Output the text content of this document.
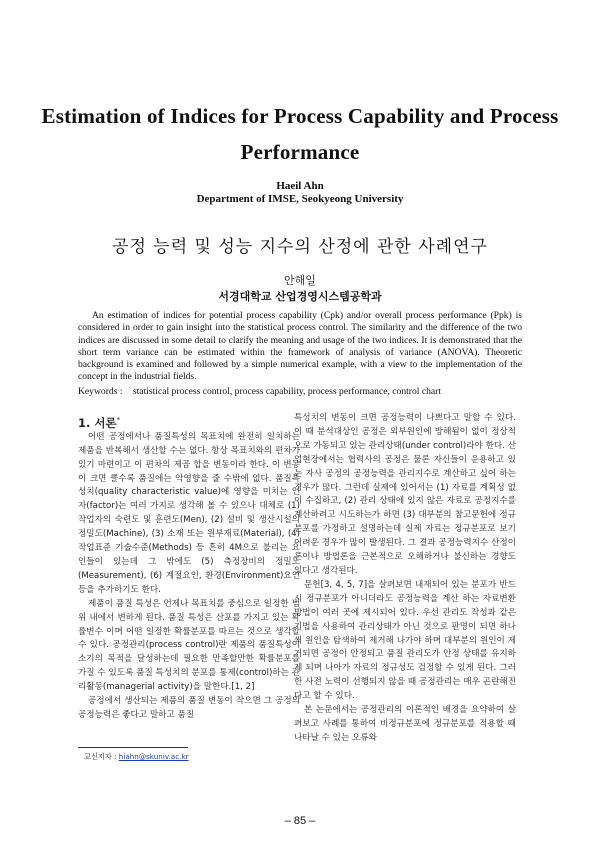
Estimation of Indices for Process Capability and Process
Performance
Haeil Ahn
Department of IMSE, Seokyeong University
공정 능력 및 성능 지수의 산정에 관한 사례연구
안해일
서경대학교 산업경영시스템공학과
An estimation of indices for potential process capability (Cpk) and/or overall process performance (Ppk) is considered in order to gain insight into the statistical process control. The similarity and the difference of the two indices are discussed in some detail to clarify the meaning and usage of the two indices. It is demonstrated that the short term variance can be estimated within the framework of analysis of variance (ANOVA). Theoretic background is examined and followed by a simple numerical example, with a view to the implementation of the concept in the industrial fields.
Keywords : statistical process control, process capability, process performance, control chart
1. 서론*

어떤 공정에서나 품질특성의 목표치에 완전히 일치하는 제품을 반복해서 생산할 수는 없다. 항상 목표치와의 편차가 있기 마련이고 이 편차의 제곱 합을 변동이라 한다. 이 변동이 크면 클수록 품질에는 악영향을 줄 수밖에 없다. 품질특성치(quality characteristic value)에 영향을 미치는 인자(factor)는 여러 가지로 생각해 볼 수 있으나 대체로 (1) 작업자의 숙련도 및 훈련도(Men), (2) 설비 및 생산시설의 정밀도(Machine), (3) 소재 또는 원부재료(Material), (4) 작업표준 기술수준(Methods) 등 흔히 4M으로 불리는 요인들이 있는데 그 밖에도 (5) 측정장비의 정밀도(Measurement), (6) 계절요인, 환경(Environment)요인 등을 추가하기도 한다.

제품이 품질 특성은 언제나 목표치를 중심으로 일정한 범위 내에서 변하게 된다. 품질 특성은 산포를 가지고 있는 확률변수 이며 어떤 일정한 확률분포를 따르는 것으로 생각할 수 있다. 공정관리(process control)란 제품의 품질특성이 소기의 목적을 달성하는데 필요한 만족할만한 확률분포를 가질 수 있도록 품질 특성치의 분포를 통제(control)하는 관리활동(managerial activity)을 말한다.[1, 2]

공정에서 생산되는 제품의 품질 변동이 작으면 그 공정의 공정능력은 좋다고 말하고 품질

특성치의 변동이 크면 공정능력이 나쁘다고 말할 수 있다. 이 때 분석대상인 공정은 외부원인에 방해됨이 없이 정상적으로 가동되고 있는 관리상태(under control)라야 한다. 산업현장에서는 협력사의 공정은 물론 자신들이 운용하고 있는 자사 공정의 공정능력을 관리지수로 계산하고 싶어 하는 경우가 많다. 그런데 실제에 있어서는 (1) 자료를 계획성 없이 수집하고, (2) 관리 상태에 있지 않은 자료로 공정지수를 계산하려고 시도하는가 하면 (3) 대부분의 참고문헌에 정규분포를 가정하고 설명하는데 실제 자료는 정규분포로 보기 어려운 경우가 많이 발생된다. 그 결과 공정능력지수 산정이론이나 방법론을 근본적으로 오해하거나 불신하는 경향도 있다고 생각된다.

문헌[3, 4, 5, 7]을 살펴보면 내재되어 있는 분포가 반드시 정규분포가 아니더라도 공정능력을 계산 하는 자료변환 방법이 여러 곳에 제시되어 있다. 우선 관리도 작성과 같은 기법을 사용하여 관리상태가 아닌 것으로 판명이 되면 하나씩 원인을 탐색하여 제거해 나가야 하며 대부분의 원인이 제거되면 공정이 안정되고 품질 관리도가 안정 상태를 유지하게 되며 나아가 자료의 정규성도 검정할 수 있게 된다. 그러한 사전 노력이 선행되지 않을 때 공정관리는 매우 곤란해진다고 할 수 있다.

본 논문에서는 공정관리의 이론적인 배경을 요약하여 살펴보고 사례를 통하여 비정규분포에 정규분포를 적용할 때 나타날 수 있는 오류와

교신저자 : hiahn@skuniv.ac.kr
– 85 –
